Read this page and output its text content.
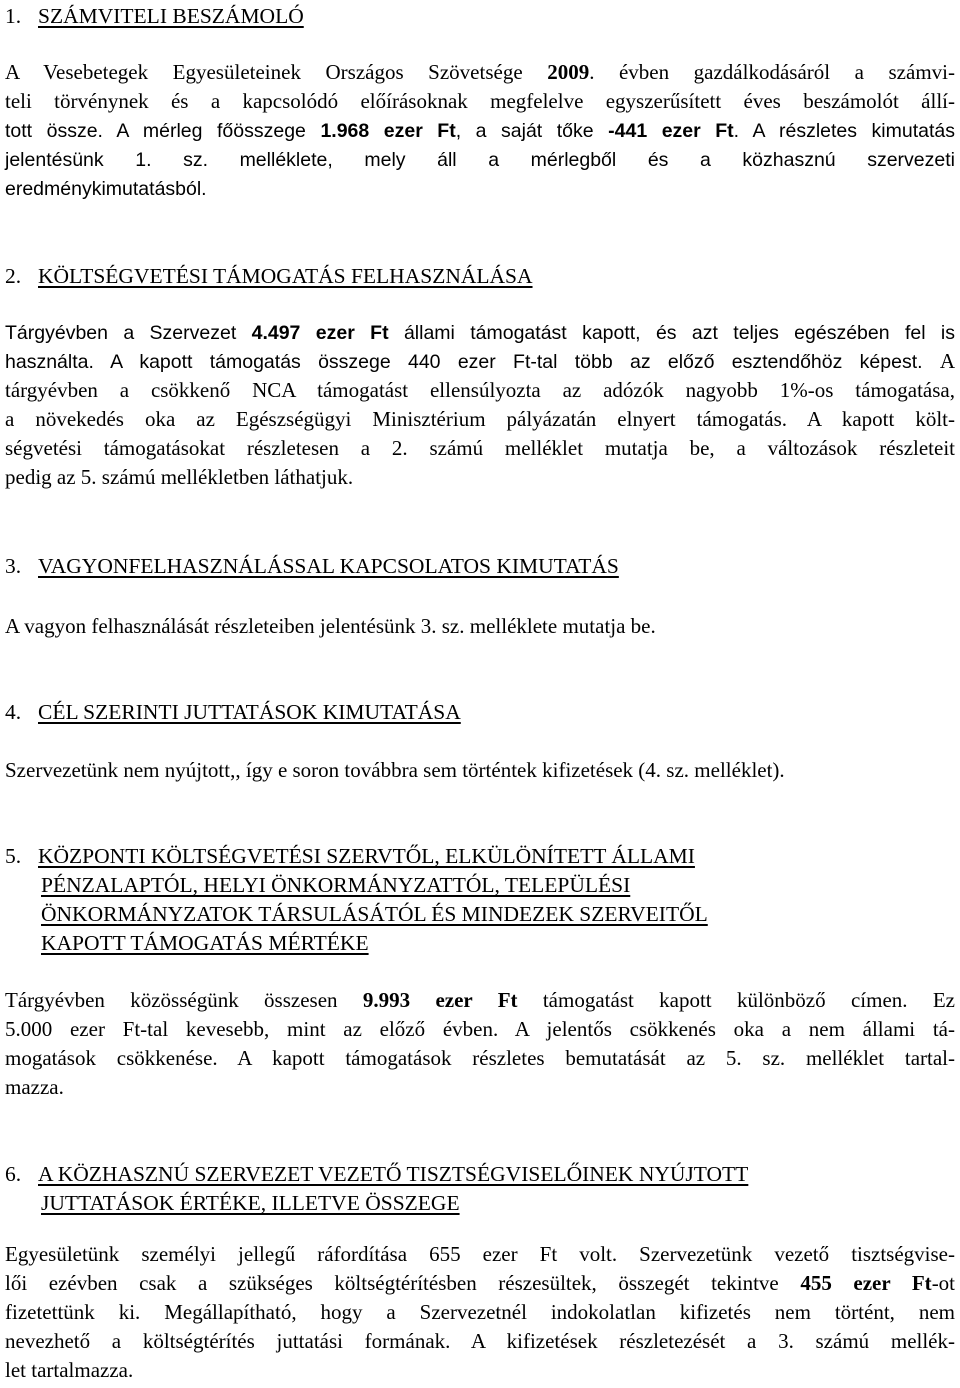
1. SZÁMVITELI BESZÁMOLÓ
A Vesebetegek Egyesületeinek Országos Szövetsége 2009. évben gazdálkodásáról a számvi-
teli törvénynek és a kapcsolódó előírásoknak megfelelve egyszerűsített éves beszámolót állí-
tott össze. A mérleg főösszege 1.968 ezer Ft, a saját tőke -441 ezer Ft. A részletes kimutatás
jelentésünk 1. sz. melléklete, mely áll a mérlegből és a közhasznú szervezeti
eredménykimutatásból.
2. KÖLTSÉGVETÉSI TÁMOGATÁS FELHASZNÁLÁSA
Tárgyévben a Szervezet 4.497 ezer Ft állami támogatást kapott, és azt teljes egészében fel is
használta. A kapott támogatás összege 440 ezer Ft-tal több az előző esztendőhöz képest. A
tárgyévben a csökkenő NCA támogatást ellensúlyozta az adózók nagyobb 1%-os támogatása,
a növekedés oka az Egészségügyi Minisztérium pályázatán elnyert támogatás. A kapott költ-
ségvetési támogatásokat részletesen a 2. számú melléklet mutatja be, a változások részleteit
pedig az 5. számú mellékletben láthatjuk.
3. VAGYONFELHASZNÁLÁSSAL KAPCSOLATOS KIMUTATÁS
A vagyon felhasználását részleteiben jelentésünk 3. sz. melléklete mutatja be.
4. CÉL SZERINTI JUTTATÁSOK KIMUTATÁSA
Szervezetünk nem nyújtott,, így e soron továbbra sem történtek kifizetések (4. sz. melléklet).
5. KÖZPONTI KÖLTSÉGVETÉSI SZERVTŐL, ELKÜLÖNÍTETT ÁLLAMI
PÉNZALAPTÓL, HELYI ÖNKORMÁNYZATTÓL, TELEPÜLÉSI
ÖNKORMÁNYZATOK TÁRSULÁSÁTÓL ÉS MINDEZEK SZERVEITŐL
KAPOTT TÁMOGATÁS MÉRTÉKE
Tárgyévben közösségünk összesen 9.993 ezer Ft támogatást kapott különböző címen. Ez
5.000 ezer Ft-tal kevesebb, mint az előző évben. A jelentős csökkenés oka a nem állami tá-
mogatások csökkenése. A kapott támogatások részletes bemutatását az 5. sz. melléklet tartal-
mazza.
6. A KÖZHASZNÚ SZERVEZET VEZETŐ TISZTSÉGVISELŐINEK NYÚJTOTT
JUTTATÁSOK ÉRTÉKE, ILLETVE ÖSSZEGE
Egyesületünk személyi jellegű ráfordítása 655 ezer Ft volt. Szervezetünk vezető tisztségvise-
lői ezévben csak a szükséges költségtérítésben részesültek, összegét tekintve 455 ezer Ft-ot
fizetettünk ki. Megállapítható, hogy a Szervezetnél indokolatlan kifizetés nem történt, nem
nevezhető a költségtérítés juttatási formának. A kifizetések részletezését a 3. számú mellék-
let tartalmazza.
